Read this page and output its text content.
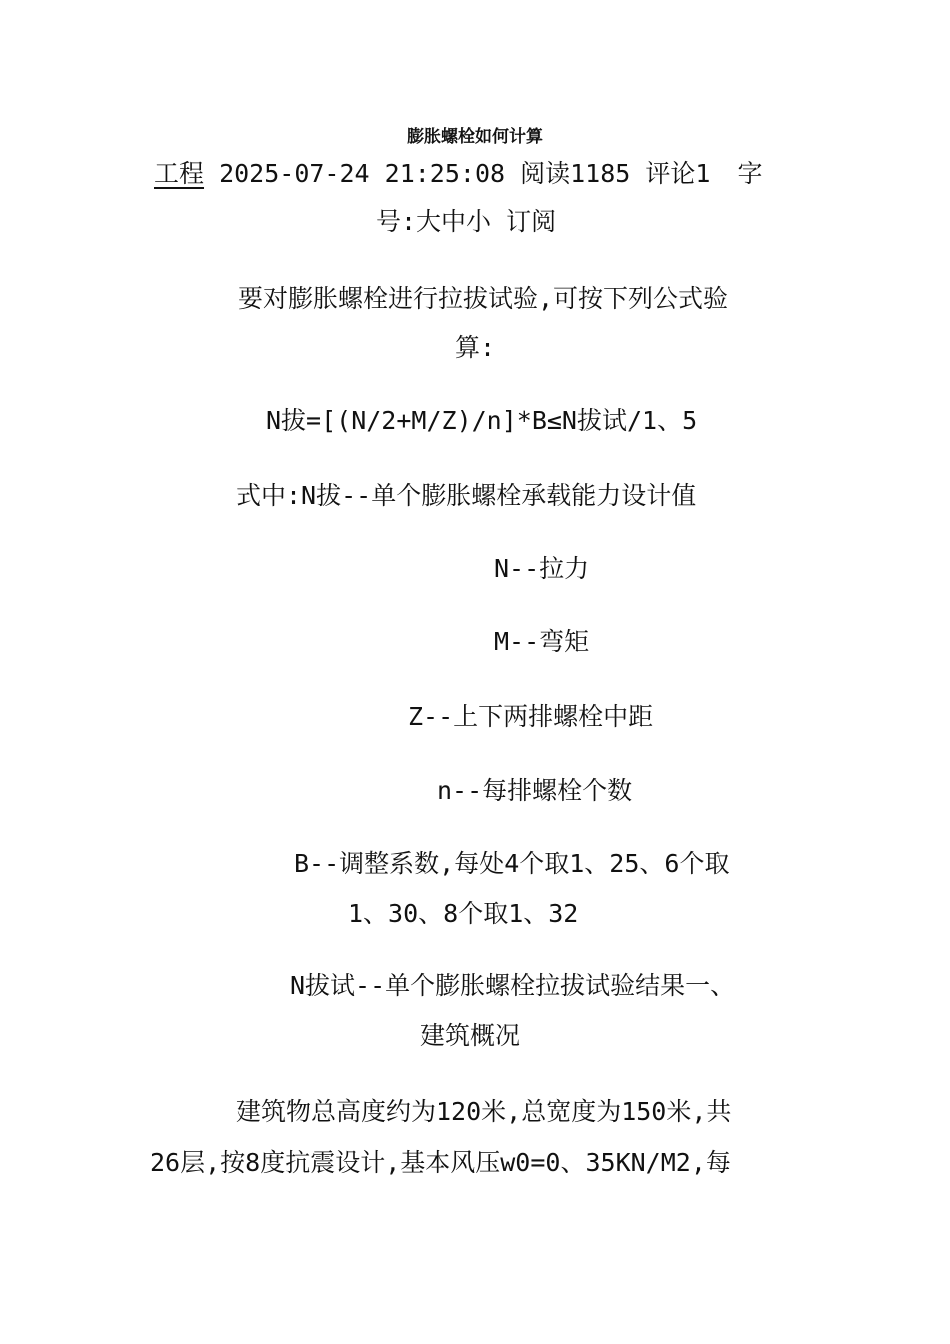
膨胀螺栓如何计算
工程 2025-07-24 21:25:08 阅读1185 评论1 字
号:大中小 订阅
要对膨胀螺栓进行拉拔试验,可按下列公式验
算:
N拔=[(N/2+M/Z)/n]*B≤N拔试/1、5
式中:N拔--单个膨胀螺栓承载能力设计值
N--拉力
M--弯矩
Z--上下两排螺栓中距
n--每排螺栓个数
B--调整系数,每处4个取1、25、6个取
1、30、8个取1、32
N拔试--单个膨胀螺栓拉拔试验结果一、
建筑概况
建筑物总高度约为120米,总宽度为150米,共
26层,按8度抗震设计,基本风压w0=0、35KN/M2,每
